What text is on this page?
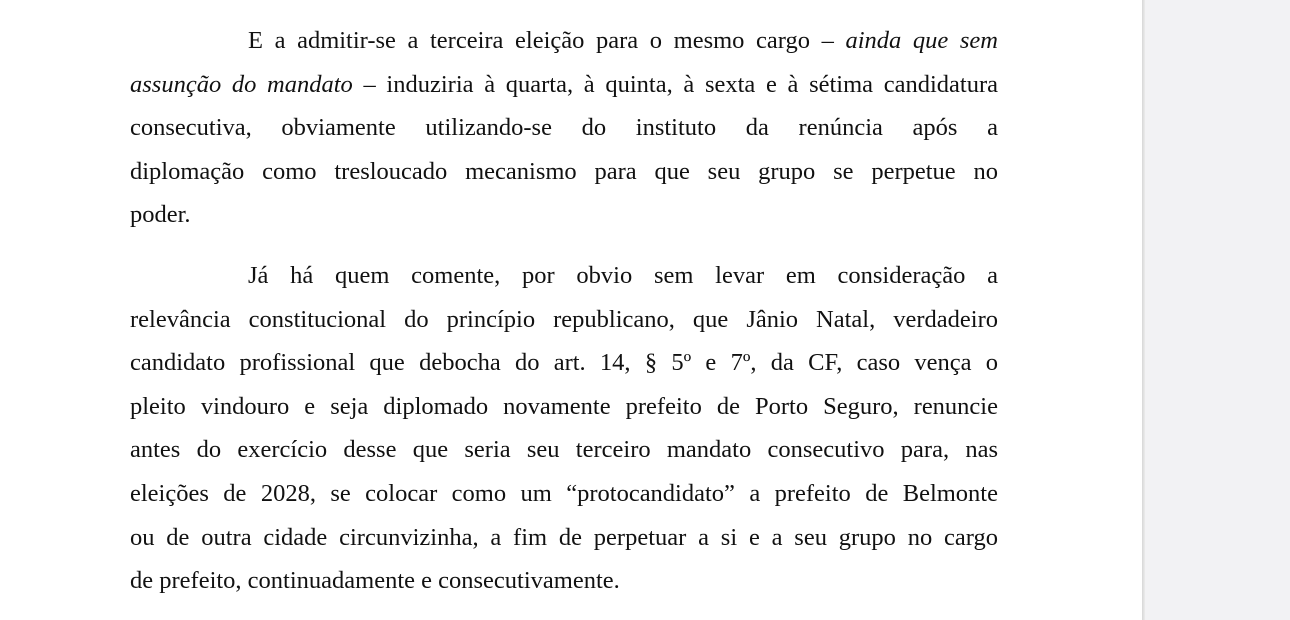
E a admitir-se a terceira eleição para o mesmo cargo – ainda que sem
assunção do mandato – induziria à quarta, à quinta, à sexta e à sétima candidatura
consecutiva, obviamente utilizando-se do instituto da renúncia após a
diplomação como tresloucado mecanismo para que seu grupo se perpetue no
poder.
Já há quem comente, por obvio sem levar em consideração a
relevância constitucional do princípio republicano, que Jânio Natal, verdadeiro
candidato profissional que debocha do art. 14, § 5º e 7º, da CF, caso vença o
pleito vindouro e seja diplomado novamente prefeito de Porto Seguro, renuncie
antes do exercício desse que seria seu terceiro mandato consecutivo para, nas
eleições de 2028, se colocar como um “protocandidato” a prefeito de Belmonte
ou de outra cidade circunvizinha, a fim de perpetuar a si e a seu grupo no cargo
de prefeito, continuadamente e consecutivamente.
